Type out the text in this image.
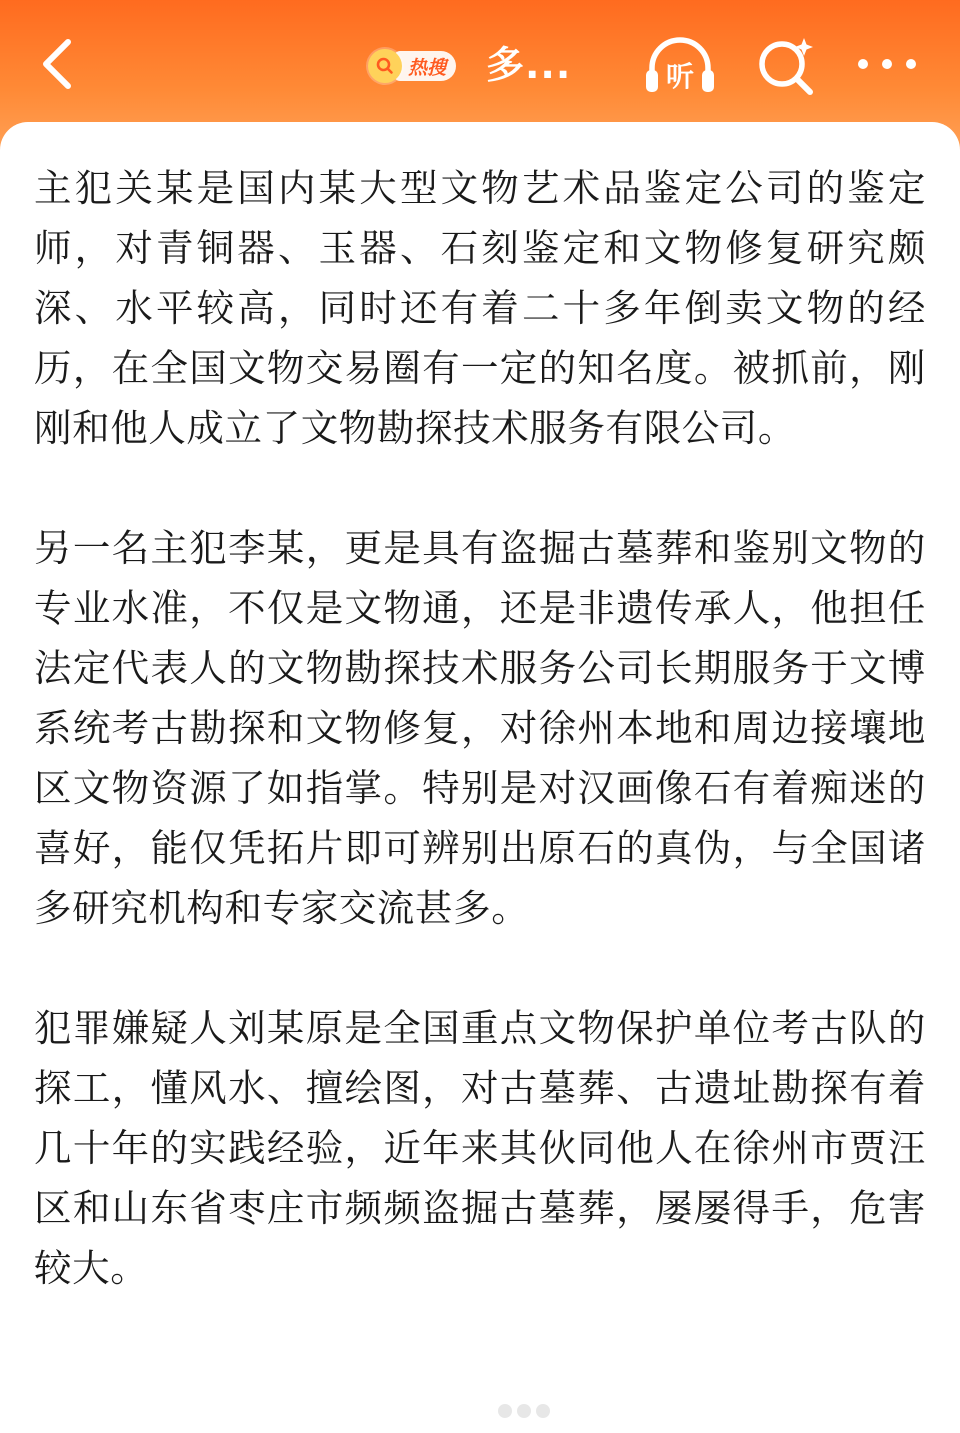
热搜 多...	听

主犯关某是国内某大型文物艺术品鉴定公司的鉴定师，对青铜器、玉器、石刻鉴定和文物修复研究颇深、水平较高，同时还有着二十多年倒卖文物的经历，在全国文物交易圈有一定的知名度。被抓前，刚刚和他人成立了文物勘探技术服务有限公司。

另一名主犯李某，更是具有盗掘古墓葬和鉴别文物的专业水准，不仅是文物通，还是非遗传承人，他担任法定代表人的文物勘探技术服务公司长期服务于文博系统考古勘探和文物修复，对徐州本地和周边接壤地区文物资源了如指掌。特别是对汉画像石有着痴迷的喜好，能仅凭拓片即可辨别出原石的真伪，与全国诸多研究机构和专家交流甚多。

犯罪嫌疑人刘某原是全国重点文物保护单位考古队的探工，懂风水、擅绘图，对古墓葬、古遗址勘探有着几十年的实践经验，近年来其伙同他人在徐州市贾汪区和山东省枣庄市频频盗掘古墓葬，屡屡得手，危害较大。
